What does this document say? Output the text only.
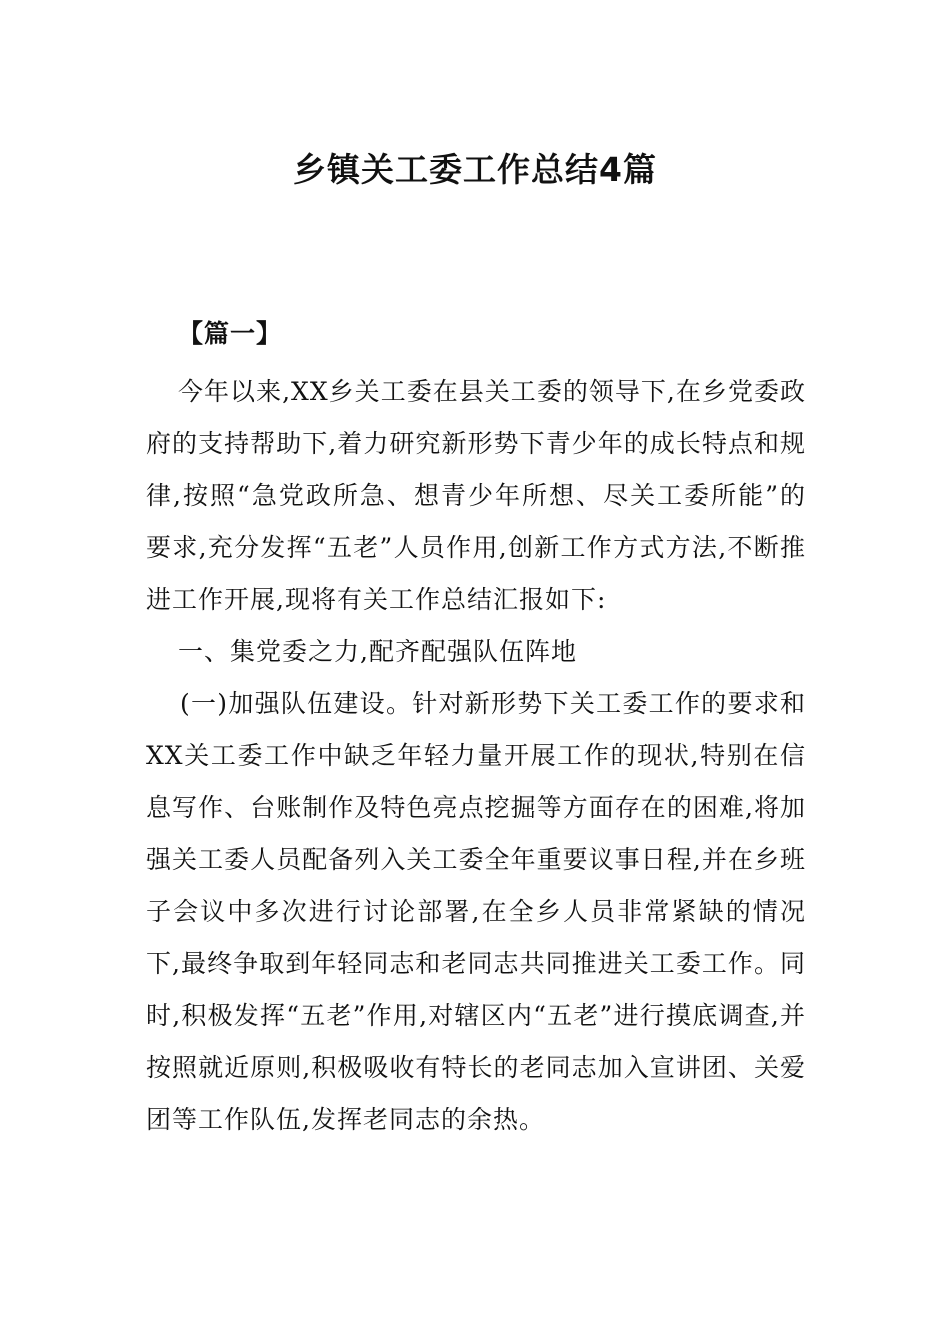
乡镇关工委工作总结4篇

【篇一】

今年以来,XX乡关工委在县关工委的领导下,在乡党委政府的支持帮助下,着力研究新形势下青少年的成长特点和规律,按照“急党政所急、想青少年所想、尽关工委所能”的要求,充分发挥“五老”人员作用,创新工作方式方法,不断推进工作开展,现将有关工作总结汇报如下:

一、集党委之力,配齐配强队伍阵地

(一)加强队伍建设。针对新形势下关工委工作的要求和XX关工委工作中缺乏年轻力量开展工作的现状,特别在信息写作、台账制作及特色亮点挖掘等方面存在的困难,将加强关工委人员配备列入关工委全年重要议事日程,并在乡班子会议中多次进行讨论部署,在全乡人员非常紧缺的情况下,最终争取到年轻同志和老同志共同推进关工委工作。同时,积极发挥“五老”作用,对辖区内“五老”进行摸底调查,并按照就近原则,积极吸收有特长的老同志加入宣讲团、关爱团等工作队伍,发挥老同志的余热。
